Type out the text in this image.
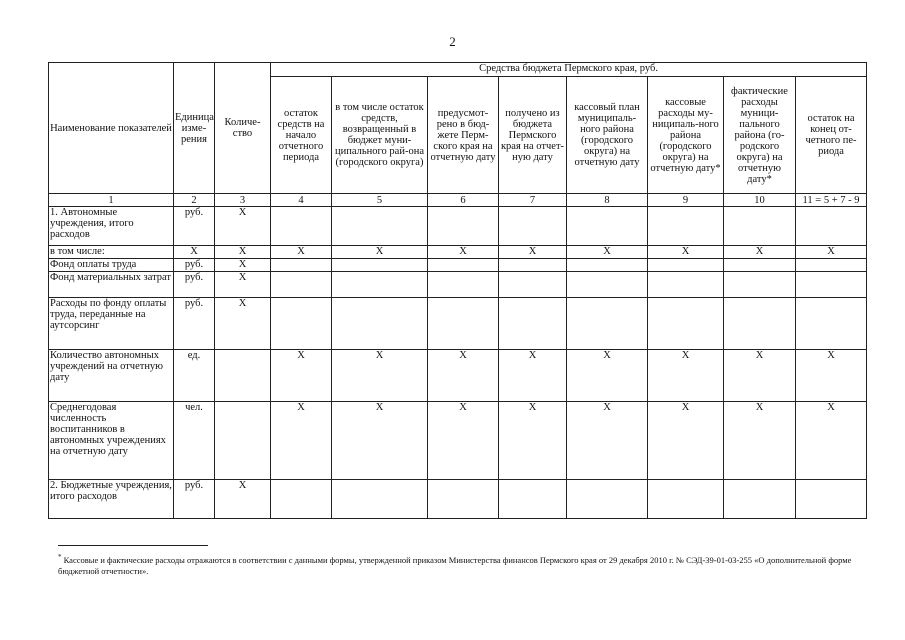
2
Наименование показателей	Единица изме-рения	Количе-ство	Средства бюджета Пермского края, руб.							
			остаток средств на начало отчетного периода	в том числе остаток средств, возвращенный в бюджет муни-ципального рай-она (городского округа)	предусмот-рено в бюд-жете Перм-ского края на отчетную дату	получено из бюджета Пермского края на отчет-ную дату	кассовый план муниципаль-ного района (городского округа) на отчетную дату	кассовые расходы му-ниципаль-ного района (городского округа) на отчетную дату*	фактические расходы муници-пального района (го-родского округа) на отчетную дату*	остаток на конец от-четного пе-риода
1	2	3	4	5	6	7	8	9	10	11 = 5 + 7 - 9
1. Автономные учреждения, итого расходов	руб.	X								
в том числе:	X	X	X	X	X	X	X	X	X	X
Фонд оплаты труда	руб.	X								
Фонд материальных затрат	руб.	X								
Расходы по фонду оплаты труда, переданные на аутсорсинг	руб.	X								
Количество автономных учреждений на отчетную дату	ед.		X	X	X	X	X	X	X	X
Среднегодовая численность воспитанников в автономных учреждениях на отчетную дату	чел.		X	X	X	X	X	X	X	X
2. Бюджетные учреждения, итого расходов	руб.	X								
* Кассовые и фактические расходы отражаются в соответствии с данными формы, утвержденной приказом Министерства финансов Пермского края от 29 декабря 2010 г. № СЭД-39-01-03-255 «О дополнительной форме бюджетной отчетности».
